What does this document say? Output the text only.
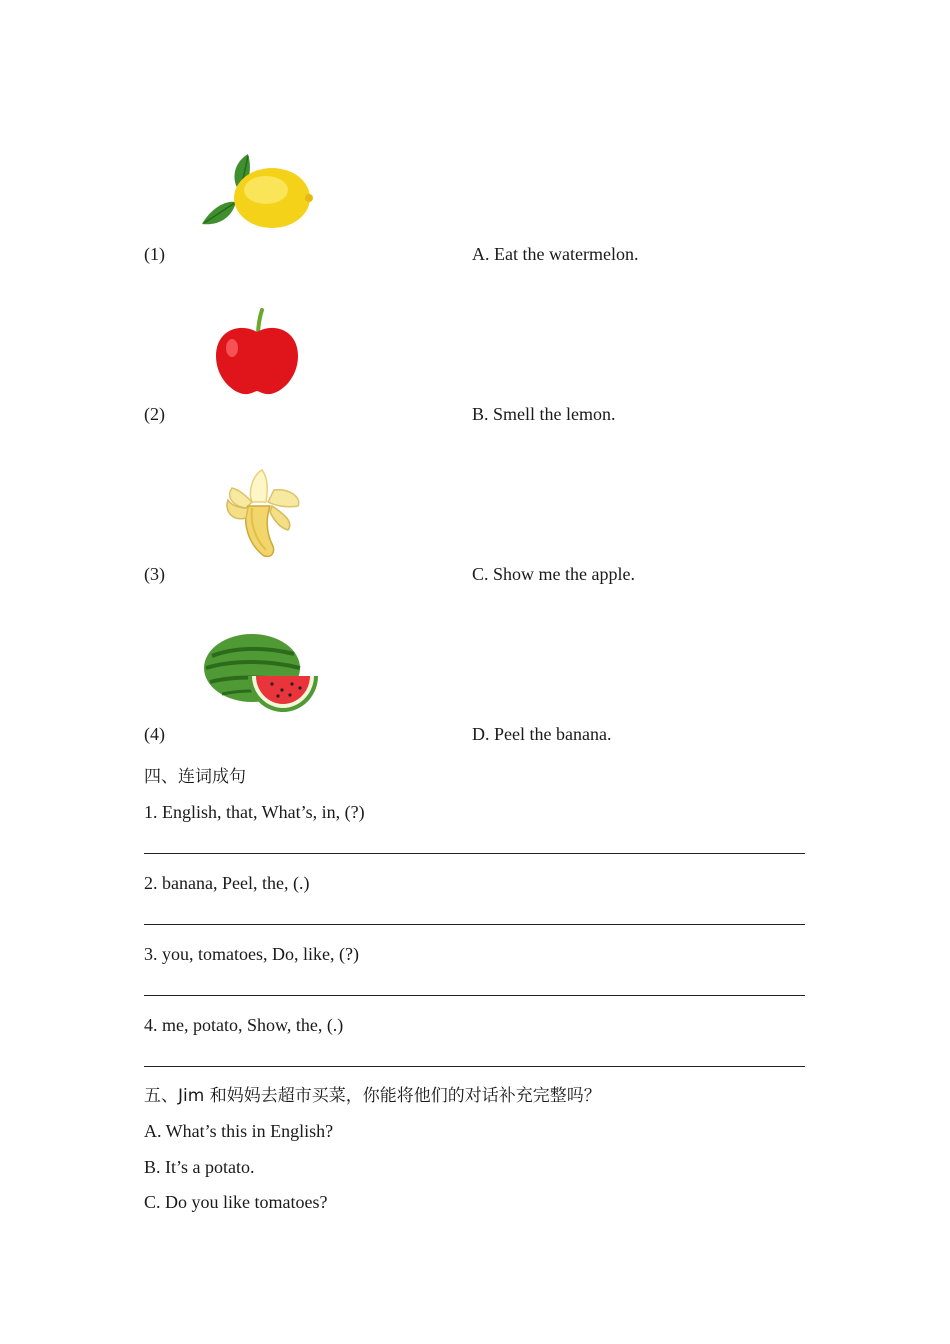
(1)	A. Eat the watermelon.
(2)	B. Smell the lemon.
(3)	C. Show me the apple.
(4)	D. Peel the banana.
四、连词成句
1. English, that, What’s, in, (?)
2. banana, Peel, the, (.)
3. you, tomatoes, Do, like, (?)
4. me, potato, Show, the, (.)
五、Jim 和妈妈去超市买菜，你能将他们的对话补充完整吗？
A. What’s this in English?
B. It’s a potato.
C. Do you like tomatoes?
